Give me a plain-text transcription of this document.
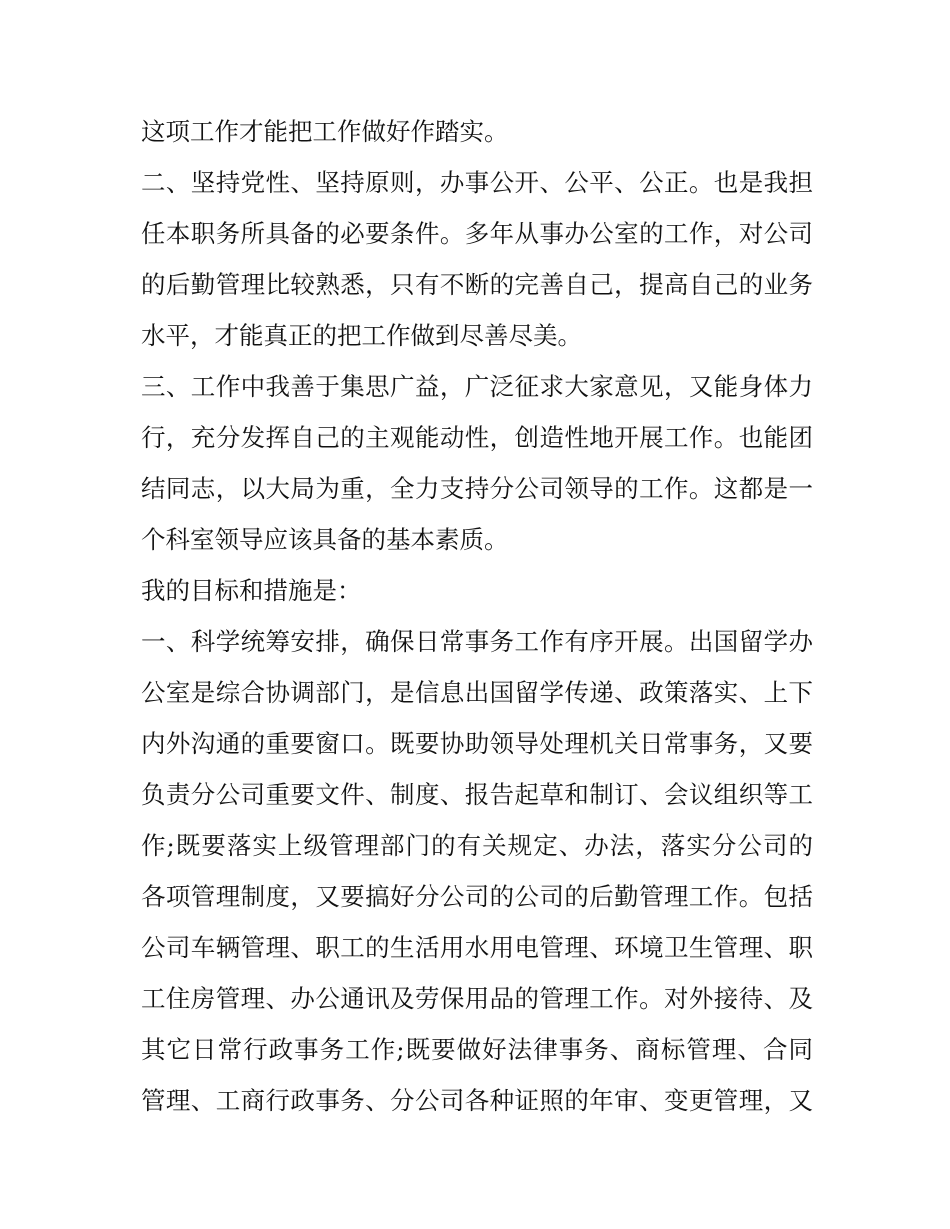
这项工作才能把工作做好作踏实。
二、坚持党性、坚持原则，办事公开、公平、公正。也是我担
任本职务所具备的必要条件。多年从事办公室的工作，对公司
的后勤管理比较熟悉，只有不断的完善自己，提高自己的业务
水平，才能真正的把工作做到尽善尽美。
三、工作中我善于集思广益，广泛征求大家意见，又能身体力
行，充分发挥自己的主观能动性，创造性地开展工作。也能团
结同志，以大局为重，全力支持分公司领导的工作。这都是一
个科室领导应该具备的基本素质。
我的目标和措施是：
一、科学统筹安排，确保日常事务工作有序开展。出国留学办
公室是综合协调部门，是信息出国留学传递、政策落实、上下
内外沟通的重要窗口。既要协助领导处理机关日常事务，又要
负责分公司重要文件、制度、报告起草和制订、会议组织等工
作;既要落实上级管理部门的有关规定、办法，落实分公司的
各项管理制度，又要搞好分公司的公司的后勤管理工作。包括
公司车辆管理、职工的生活用水用电管理、环境卫生管理、职
工住房管理、办公通讯及劳保用品的管理工作。对外接待、及
其它日常行政事务工作;既要做好法律事务、商标管理、合同
管理、工商行政事务、分公司各种证照的年审、变更管理，又
